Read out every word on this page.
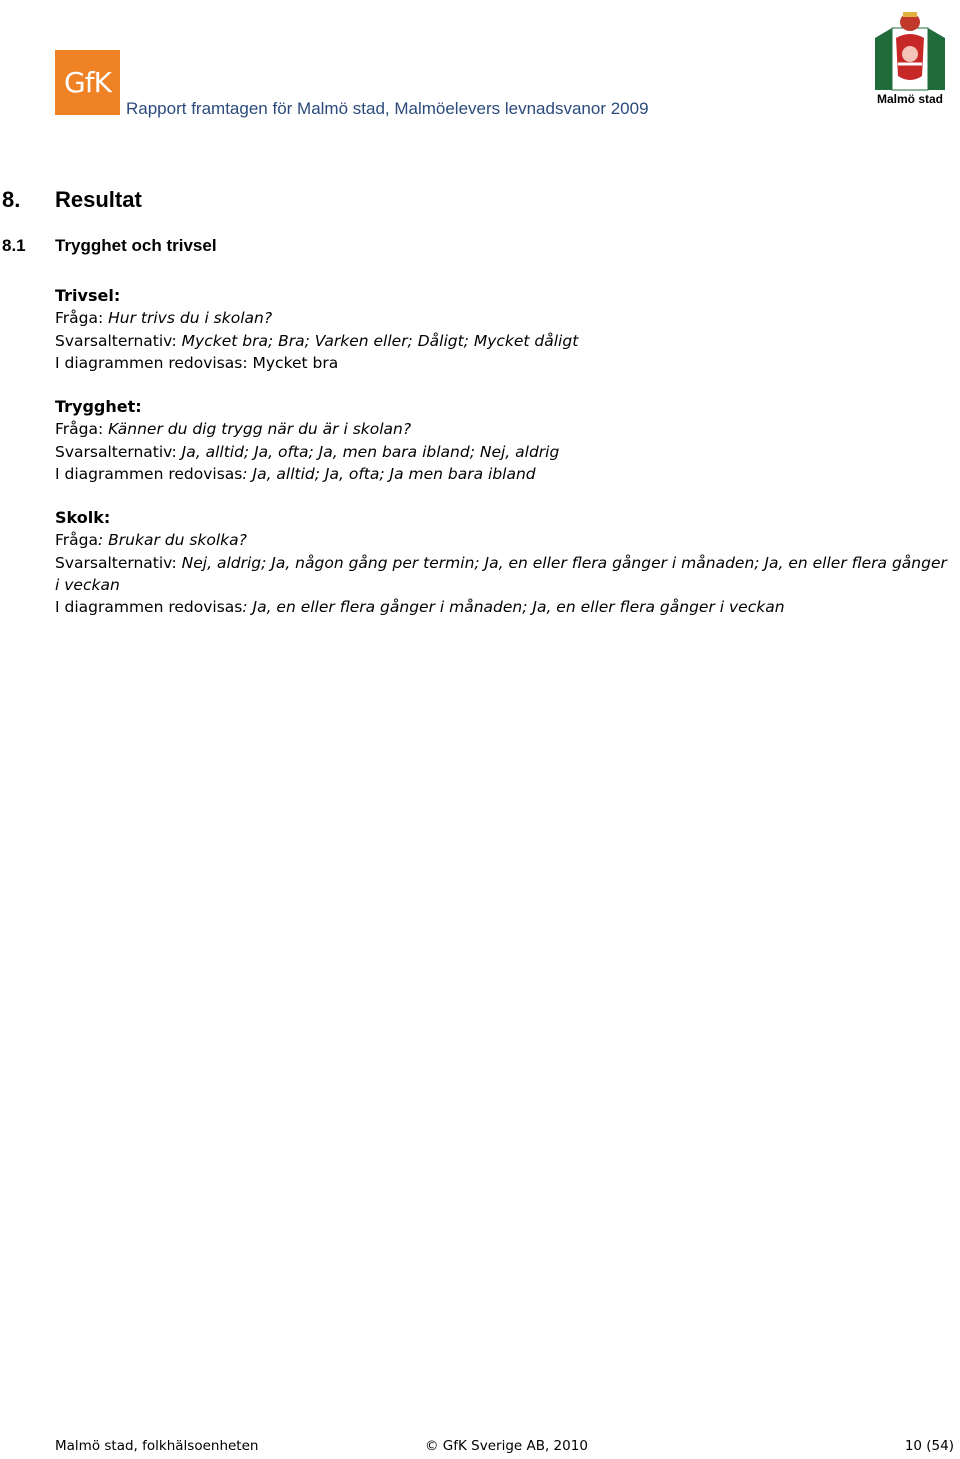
GfK
Rapport framtagen för Malmö stad, Malmöelevers levnadsvanor 2009	Malmö stad
8. Resultat
8.1 Trygghet och trivsel
Trivsel:
Fråga: Hur trivs du i skolan?
Svarsalternativ: Mycket bra; Bra; Varken eller; Dåligt; Mycket dåligt
I diagrammen redovisas: Mycket bra
Trygghet:
Fråga: Känner du dig trygg när du är i skolan?
Svarsalternativ: Ja, alltid; Ja, ofta; Ja, men bara ibland; Nej, aldrig
I diagrammen redovisas: Ja, alltid; Ja, ofta; Ja men bara ibland
Skolk:
Fråga: Brukar du skolka?
Svarsalternativ: Nej, aldrig; Ja, någon gång per termin; Ja, en eller flera gånger i månaden; Ja, en eller flera gånger i veckan
I diagrammen redovisas: Ja, en eller flera gånger i månaden; Ja, en eller flera gånger i veckan
Malmö stad, folkhälsoenheten	© GfK Sverige AB, 2010	10 (54)
